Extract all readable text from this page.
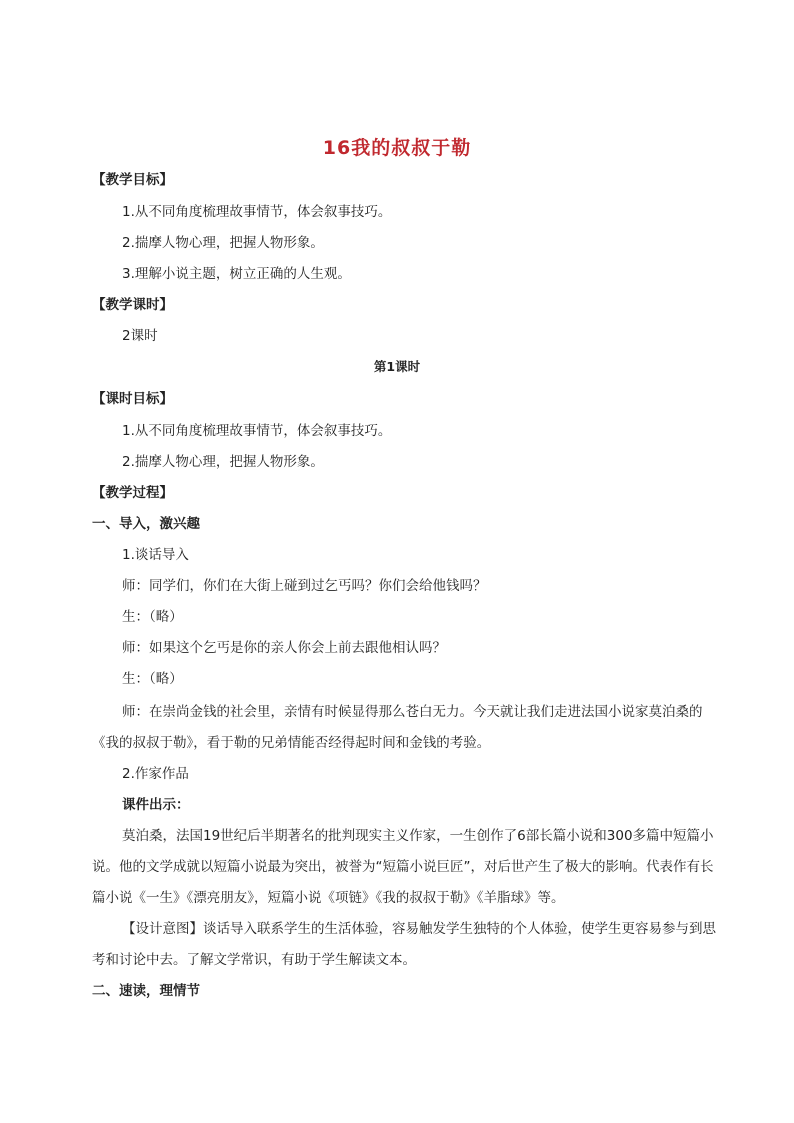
16我的叔叔于勒
【教学目标】
1.从不同角度梳理故事情节，体会叙事技巧。
2.揣摩人物心理，把握人物形象。
3.理解小说主题，树立正确的人生观。
【教学课时】
2课时
第1课时
【课时目标】
1.从不同角度梳理故事情节，体会叙事技巧。
2.揣摩人物心理，把握人物形象。
【教学过程】
一、导入，激兴趣
1.谈话导入
师：同学们，你们在大街上碰到过乞丐吗？你们会给他钱吗？
生：（略）
师：如果这个乞丐是你的亲人你会上前去跟他相认吗？
生：（略）
师：在崇尚金钱的社会里，亲情有时候显得那么苍白无力。今天就让我们走进法国小说家莫泊桑的《我的叔叔于勒》，看于勒的兄弟情能否经得起时间和金钱的考验。
2.作家作品
课件出示：
莫泊桑，法国19世纪后半期著名的批判现实主义作家，一生创作了6部长篇小说和300多篇中短篇小说。他的文学成就以短篇小说最为突出，被誉为“短篇小说巨匠”，对后世产生了极大的影响。代表作有长篇小说《一生》《漂亮朋友》，短篇小说《项链》《我的叔叔于勒》《羊脂球》等。
【设计意图】谈话导入联系学生的生活体验，容易触发学生独特的个人体验，使学生更容易参与到思考和讨论中去。了解文学常识，有助于学生解读文本。
二、速读，理情节
